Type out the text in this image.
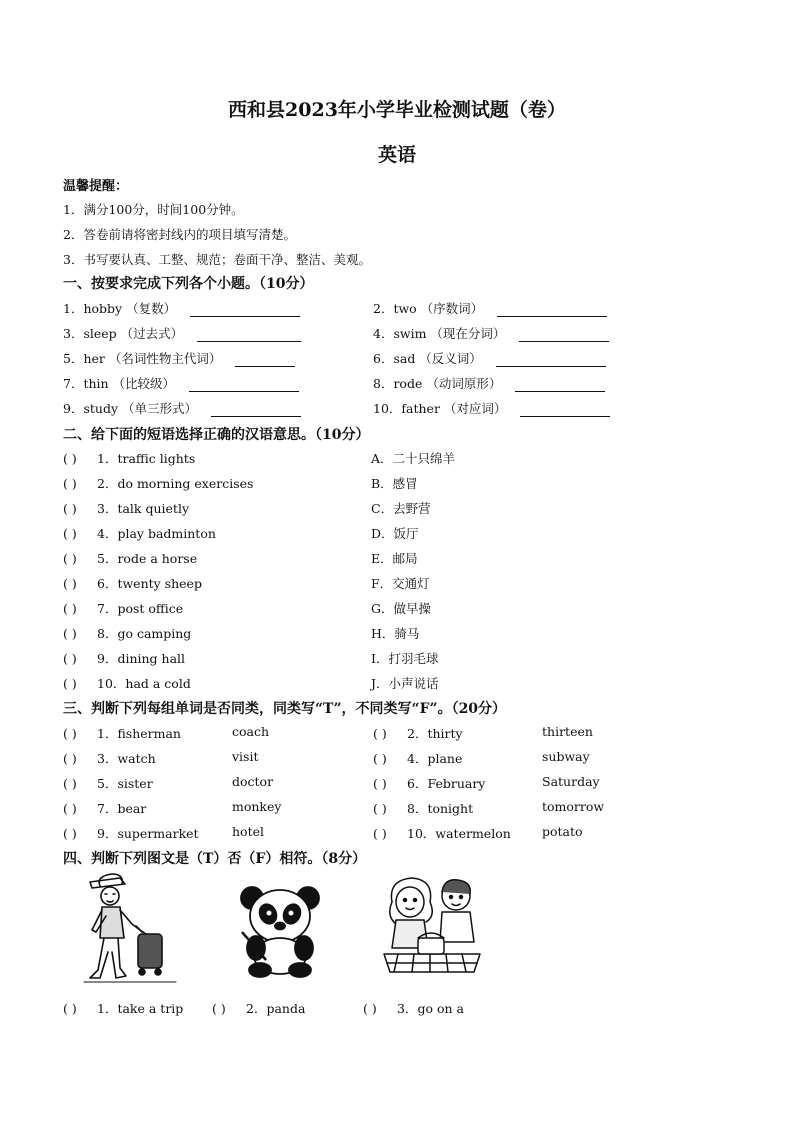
西和县2023年小学毕业检测试题（卷）
英语
温馨提醒：
1．满分100分，时间100分钟。
2．答卷前请将密封线内的项目填写清楚。
3．书写要认真、工整、规范；卷面干净、整洁、美观。
一、按要求完成下列各个小题。（10分）
1．hobby （复数）	2．two （序数词）
3．sleep （过去式）	4．swim （现在分词）
5．her （名词性物主代词）	6．sad （反义词）
7．thin （比较级）	8．rode （动词原形）
9．study （单三形式）	10．father （对应词）
二、给下面的短语选择正确的汉语意思。（10分）
( ) 1．traffic lights	A．二十只绵羊
( ) 2．do morning exercises	B．感冒
( ) 3．talk quietly	C．去野营
( ) 4．play badminton	D．饭厅
( ) 5．rode a horse	E．邮局
( ) 6．twenty sheep	F．交通灯
( ) 7．post office	G．做早操
( ) 8．go camping	H．骑马
( ) 9．dining hall	I．打羽毛球
( ) 10．had a cold	J．小声说话
三、判断下列每组单词是否同类，同类写“T”，不同类写“F”。（20分）
( ) 1．fisherman	coach	( ) 2．thirty	thirteen
( ) 3．watch	visit	( ) 4．plane	subway
( ) 5．sister	doctor	( ) 6．February	Saturday
( ) 7．bear	monkey	( ) 8．tonight	tomorrow
( ) 9．supermarket	hotel	( ) 10．watermelon potato
四、判断下列图文是（T）否（F）相符。（8分）
( ) 1．take a trip ( ) 2．panda	( ) 3．go on a
